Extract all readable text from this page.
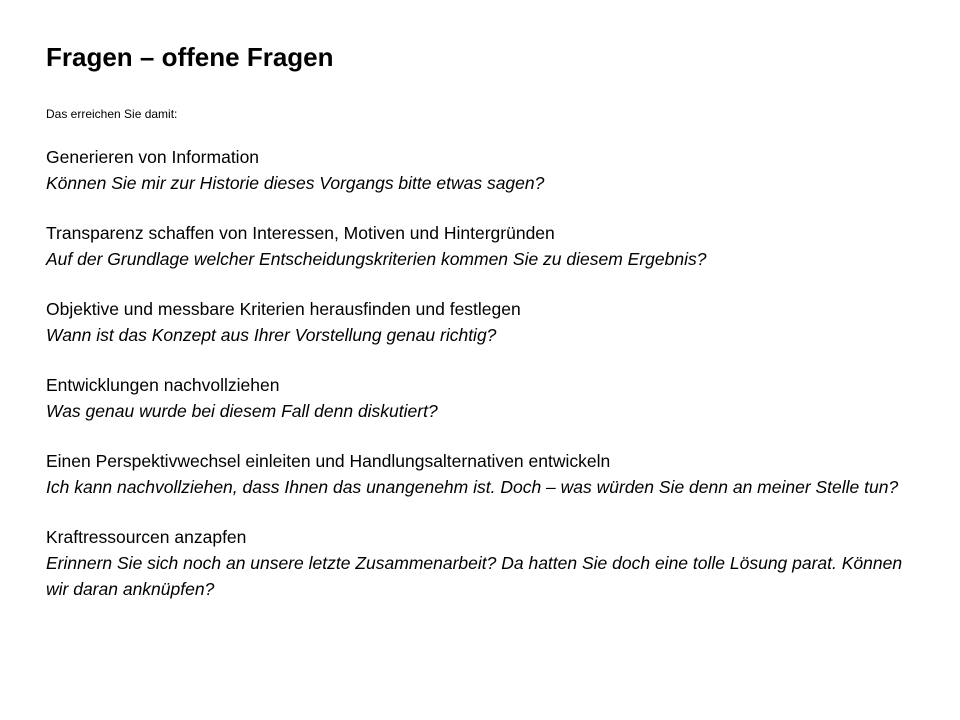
Fragen – offene Fragen

Das erreichen Sie damit:

Generieren von Information
Können Sie mir zur Historie dieses Vorgangs bitte etwas sagen?
Transparenz schaffen von Interessen, Motiven und Hintergründen
Auf der Grundlage welcher Entscheidungskriterien kommen Sie zu diesem Ergebnis?
Objektive und messbare Kriterien herausfinden und festlegen
Wann ist das Konzept aus Ihrer Vorstellung genau richtig?
Entwicklungen nachvollziehen
Was genau wurde bei diesem Fall denn diskutiert?
Einen Perspektivwechsel einleiten und Handlungsalternativen entwickeln
Ich kann nachvollziehen, dass Ihnen das unangenehm ist. Doch – was würden Sie denn an meiner Stelle tun?
Kraftressourcen anzapfen
Erinnern Sie sich noch an unsere letzte Zusammenarbeit? Da hatten Sie doch eine tolle Lösung parat. Können wir daran anknüpfen?
